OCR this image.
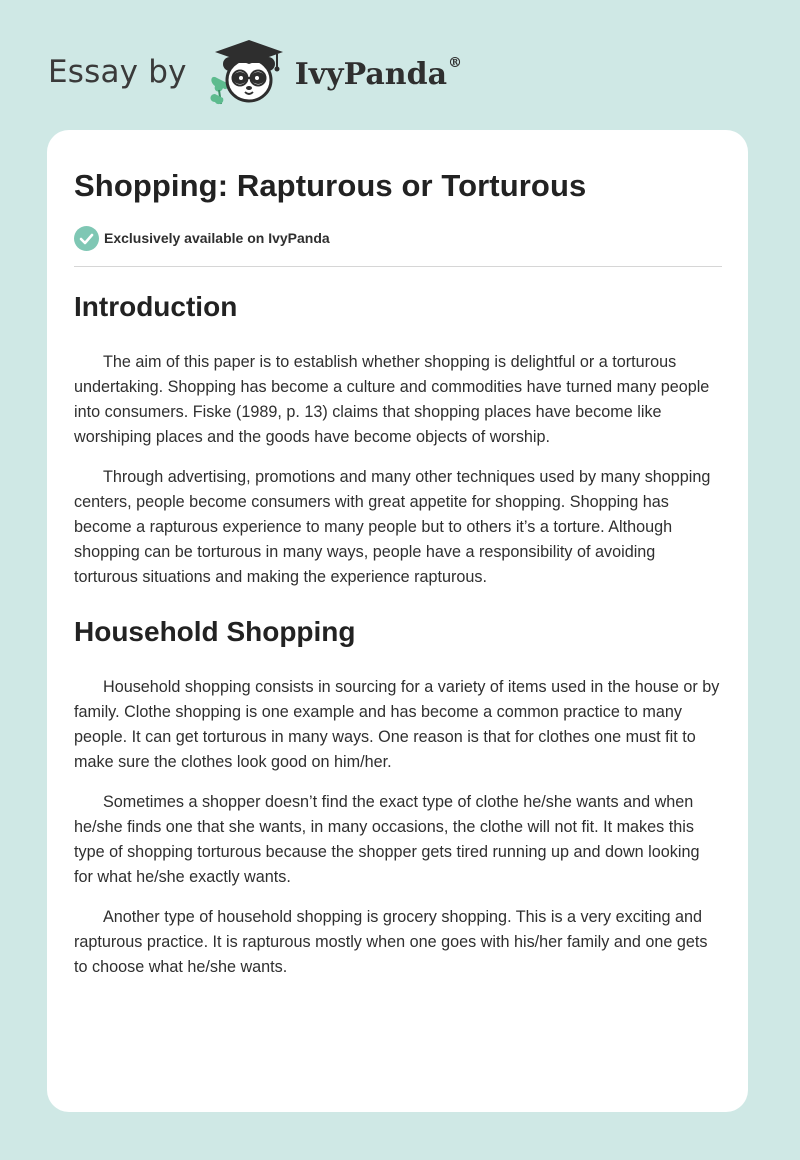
Essay by	IvyPanda®
Shopping: Rapturous or Torturous
Exclusively available on IvyPanda
Introduction

The aim of this paper is to establish whether shopping is delightful or a torturous undertaking. Shopping has become a culture and commodities have turned many people into consumers. Fiske (1989, p. 13) claims that shopping places have become like worshiping places and the goods have become objects of worship.

Through advertising, promotions and many other techniques used by many shopping centers, people become consumers with great appetite for shopping. Shopping has become a rapturous experience to many people but to others it’s a torture. Although shopping can be torturous in many ways, people have a responsibility of avoiding torturous situations and making the experience rapturous.

Household Shopping

Household shopping consists in sourcing for a variety of items used in the house or by family. Clothe shopping is one example and has become a common practice to many people. It can get torturous in many ways. One reason is that for clothes one must fit to make sure the clothes look good on him/her.

Sometimes a shopper doesn’t find the exact type of clothe he/she wants and when he/she finds one that she wants, in many occasions, the clothe will not fit. It makes this type of shopping torturous because the shopper gets tired running up and down looking for what he/she exactly wants.

Another type of household shopping is grocery shopping. This is a very exciting and rapturous practice. It is rapturous mostly when one goes with his/her family and one gets to choose what he/she wants.
